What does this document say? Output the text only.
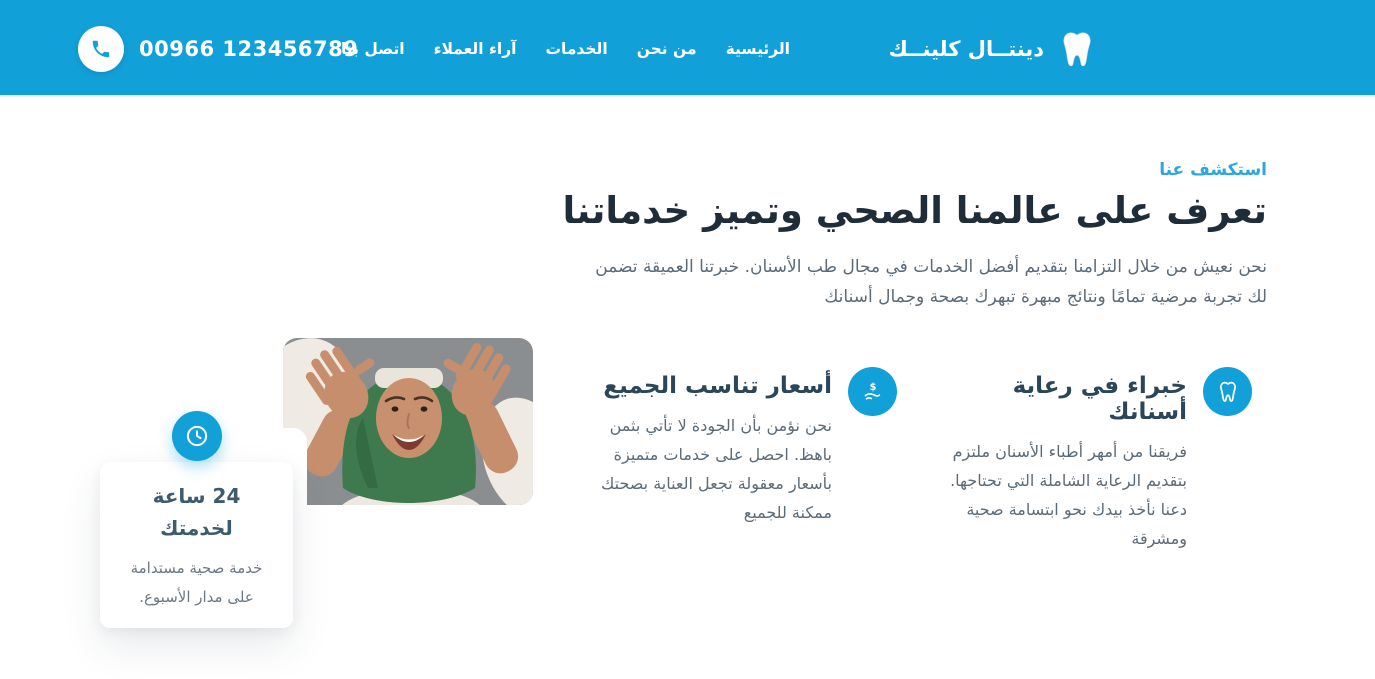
دينتــال كلينــك
الرئيسية
من نحن
الخدمات
آراء العملاء
اتصل بنا
00966 123456789
استكشف عنا
تعرف على عالمنا الصحي وتميز خدماتنا

نحن نعيش من خلال التزامنا بتقديم أفضل الخدمات في مجال طب الأسنان. خبرتنا العميقة تضمن لك تجربة مرضية تمامًا ونتائج مبهرة تبهرك بصحة وجمال أسنانك

خبراء في رعاية أسنانك
فريقنا من أمهر أطباء الأسنان ملتزم بتقديم الرعاية الشاملة التي تحتاجها. دعنا نأخذ بيدك نحو ابتسامة صحية ومشرقة
$
أسعار تناسب الجميع
نحن نؤمن بأن الجودة لا تأتي بثمن باهظ. احصل على خدمات متميزة بأسعار معقولة تجعل العناية بصحتك ممكنة للجميع
24 ساعة لخدمتك
خدمة صحية مستدامة على مدار الأسبوع.
